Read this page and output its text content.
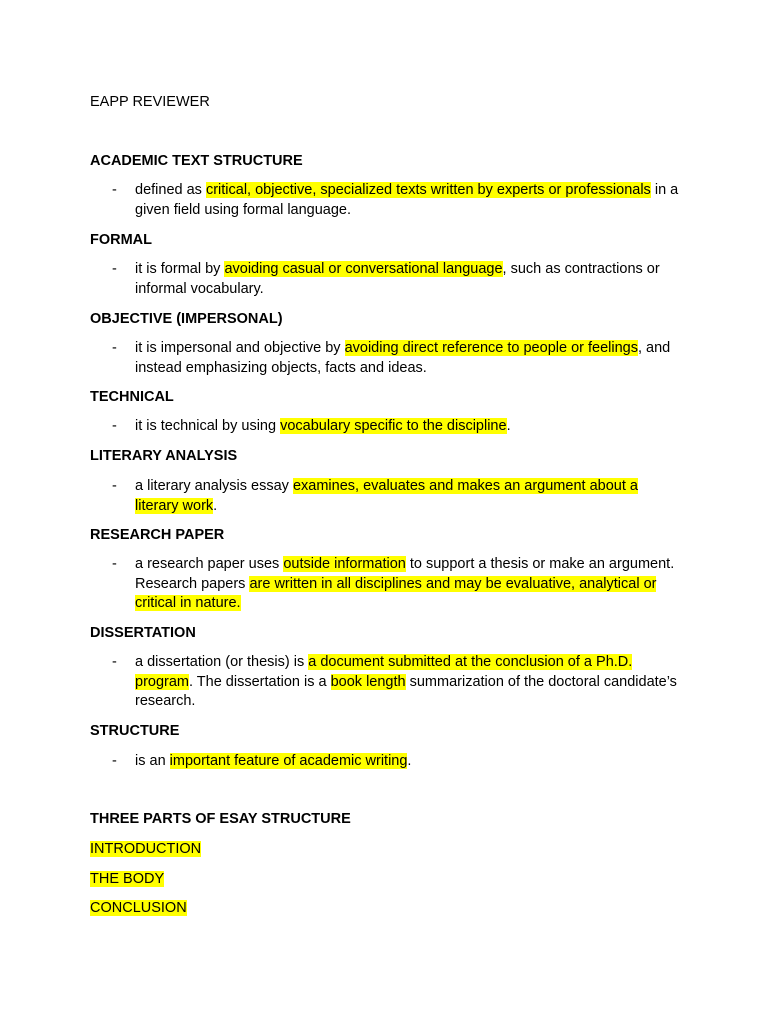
EAPP REVIEWER
ACADEMIC TEXT STRUCTURE
- defined as critical, objective, specialized texts written by experts or professionals in a given field using formal language.
FORMAL
- it is formal by avoiding casual or conversational language, such as contractions or informal vocabulary.
OBJECTIVE (IMPERSONAL)
- it is impersonal and objective by avoiding direct reference to people or feelings, and instead emphasizing objects, facts and ideas.
TECHNICAL
- it is technical by using vocabulary specific to the discipline.
LITERARY ANALYSIS
- a literary analysis essay examines, evaluates and makes an argument about a literary work.
RESEARCH PAPER
- a research paper uses outside information to support a thesis or make an argument. Research papers are written in all disciplines and may be evaluative, analytical or critical in nature.
DISSERTATION
- a dissertation (or thesis) is a document submitted at the conclusion of a Ph.D. program. The dissertation is a book length summarization of the doctoral candidate’s research.
STRUCTURE
- is an important feature of academic writing.
THREE PARTS OF ESAY STRUCTURE
INTRODUCTION
THE BODY
CONCLUSION
